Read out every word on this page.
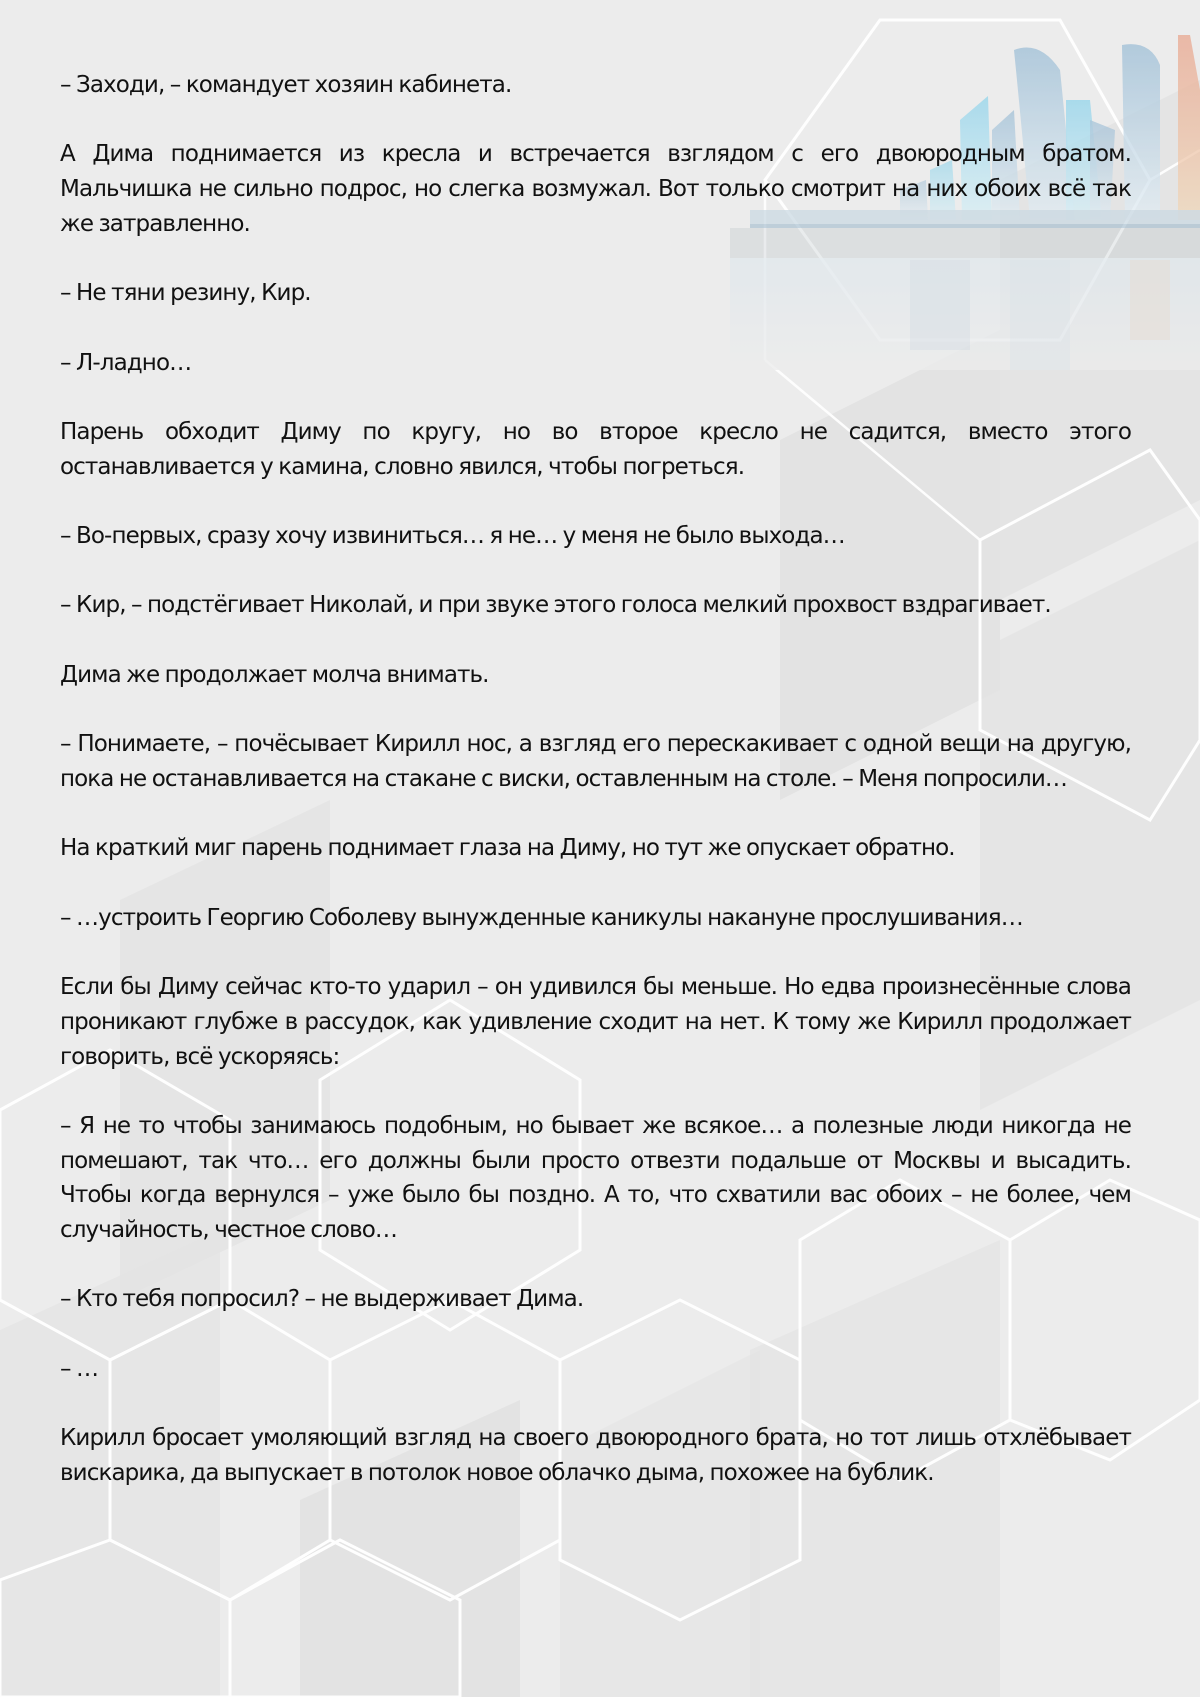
– Заходи, – командует хозяин кабинета.

А Дима поднимается из кресла и встречается взглядом с его двоюродным братом. Мальчишка не сильно подрос, но слегка возмужал. Вот только смотрит на них обоих всё так же затравленно.

– Не тяни резину, Кир.

– Л-ладно…

Парень обходит Диму по кругу, но во второе кресло не садится, вместо этого останавливается у камина, словно явился, чтобы погреться.

– Во-первых, сразу хочу извиниться… я не… у меня не было выхода…

– Кир, – подстёгивает Николай, и при звуке этого голоса мелкий прохвост вздрагивает.

Дима же продолжает молча внимать.

– Понимаете, – почёсывает Кирилл нос, а взгляд его перескакивает с одной вещи на другую, пока не останавливается на стакане с виски, оставленным на столе. – Меня попросили…

На краткий миг парень поднимает глаза на Диму, но тут же опускает обратно.

– …устроить Георгию Соболеву вынужденные каникулы накануне прослушивания…

Если бы Диму сейчас кто-то ударил – он удивился бы меньше. Но едва произнесённые слова проникают глубже в рассудок, как удивление сходит на нет. К тому же Кирилл продолжает говорить, всё ускоряясь:

– Я не то чтобы занимаюсь подобным, но бывает же всякое… а полезные люди никогда не помешают, так что… его должны были просто отвезти подальше от Москвы и высадить. Чтобы когда вернулся – уже было бы поздно. А то, что схватили вас обоих – не более, чем случайность, честное слово…

– Кто тебя попросил? – не выдерживает Дима.

– …

Кирилл бросает умоляющий взгляд на своего двоюродного брата, но тот лишь отхлёбывает вискарика, да выпускает в потолок новое облачко дыма, похожее на бублик.
